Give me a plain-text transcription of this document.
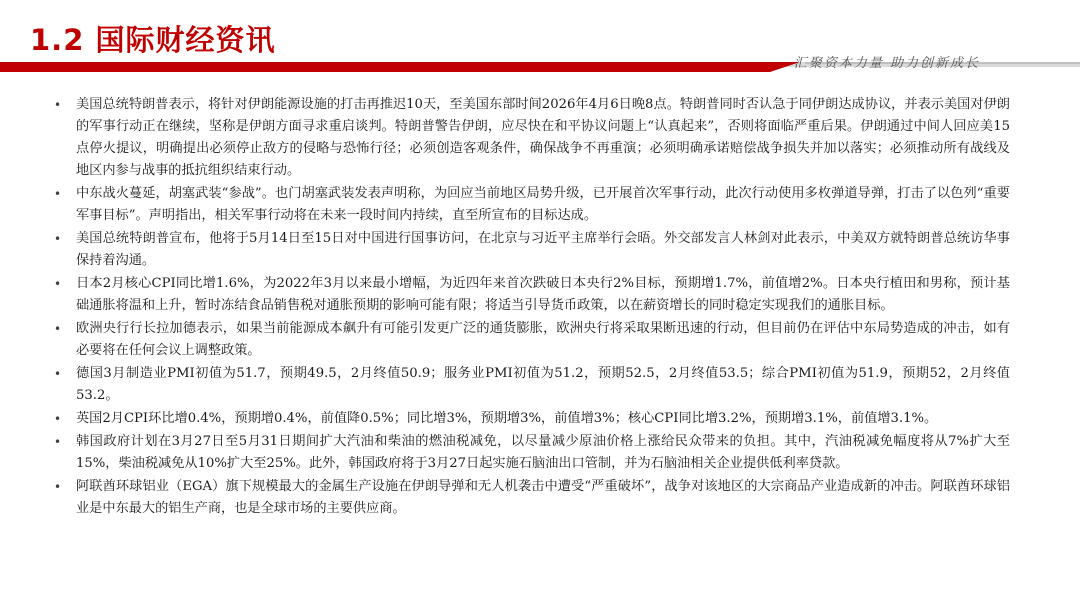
1.2 国际财经资讯
汇聚资本力量 助力创新成长
• 美国总统特朗普表示，将针对伊朗能源设施的打击再推迟10天，至美国东部时间2026年4月6日晚8点。特朗普同时否认急于同伊朗达成协议，并表示美国对伊朗的军事行动正在继续，坚称是伊朗方面寻求重启谈判。特朗普警告伊朗，应尽快在和平协议问题上“认真起来”，否则将面临严重后果。伊朗通过中间人回应美15点停火提议，明确提出必须停止敌方的侵略与恐怖行径；必须创造客观条件，确保战争不再重演；必须明确承诺赔偿战争损失并加以落实；必须推动所有战线及地区内参与战事的抵抗组织结束行动。
• 中东战火蔓延，胡塞武装“参战”。也门胡塞武装发表声明称，为回应当前地区局势升级，已开展首次军事行动，此次行动使用多枚弹道导弹，打击了以色列“重要军事目标”。声明指出，相关军事行动将在未来一段时间内持续，直至所宣布的目标达成。
• 美国总统特朗普宣布，他将于5月14日至15日对中国进行国事访问，在北京与习近平主席举行会晤。外交部发言人林剑对此表示，中美双方就特朗普总统访华事保持着沟通。
• 日本2月核心CPI同比增1.6%，为2022年3月以来最小增幅，为近四年来首次跌破日本央行2%目标，预期增1.7%，前值增2%。日本央行植田和男称，预计基础通胀将温和上升，暂时冻结食品销售税对通胀预期的影响可能有限；将适当引导货币政策，以在薪资增长的同时稳定实现我们的通胀目标。
• 欧洲央行行长拉加德表示，如果当前能源成本飙升有可能引发更广泛的通货膨胀，欧洲央行将采取果断迅速的行动，但目前仍在评估中东局势造成的冲击，如有必要将在任何会议上调整政策。
• 德国3月制造业PMI初值为51.7，预期49.5，2月终值50.9；服务业PMI初值为51.2，预期52.5，2月终值53.5；综合PMI初值为51.9，预期52，2月终值53.2。
• 英国2月CPI环比增0.4%，预期增0.4%，前值降0.5%；同比增3%，预期增3%，前值增3%；核心CPI同比增3.2%，预期增3.1%，前值增3.1%。
• 韩国政府计划在3月27日至5月31日期间扩大汽油和柴油的燃油税减免，以尽量减少原油价格上涨给民众带来的负担。其中，汽油税减免幅度将从7%扩大至15%，柴油税减免从10%扩大至25%。此外，韩国政府将于3月27日起实施石脑油出口管制，并为石脑油相关企业提供低利率贷款。
• 阿联酋环球铝业（EGA）旗下规模最大的金属生产设施在伊朗导弹和无人机袭击中遭受“严重破坏”，战争对该地区的大宗商品产业造成新的冲击。阿联酋环球铝业是中东最大的铝生产商，也是全球市场的主要供应商。
